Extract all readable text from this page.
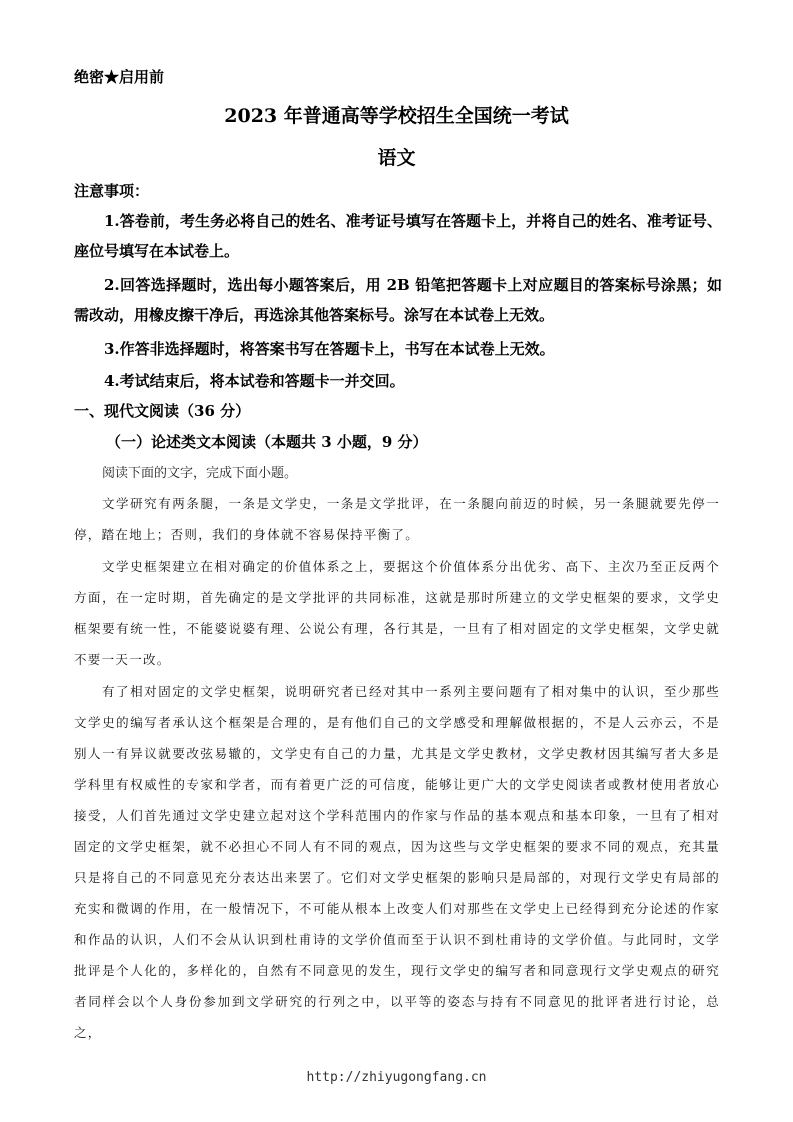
绝密★启用前
2023 年普通高等学校招生全国统一考试
语文
注意事项：
1.答卷前，考生务必将自己的姓名、准考证号填写在答题卡上，并将自己的姓名、准考证号、座位号填写在本试卷上。
2.回答选择题时，选出每小题答案后，用 2B 铅笔把答题卡上对应题目的答案标号涂黑；如需改动，用橡皮擦干净后，再选涂其他答案标号。涂写在本试卷上无效。
3.作答非选择题时，将答案书写在答题卡上，书写在本试卷上无效。
4.考试结束后，将本试卷和答题卡一并交回。
一、现代文阅读（36 分）
（一）论述类文本阅读（本题共 3 小题，9 分）
阅读下面的文字，完成下面小题。
文学研究有两条腿，一条是文学史，一条是文学批评，在一条腿向前迈的时候，另一条腿就要先停一停，踏在地上；否则，我们的身体就不容易保持平衡了。
文学史框架建立在相对确定的价值体系之上，要据这个价值体系分出优劣、高下、主次乃至正反两个方面，在一定时期，首先确定的是文学批评的共同标准，这就是那时所建立的文学史框架的要求，文学史框架要有统一性，不能婆说婆有理、公说公有理，各行其是，一旦有了相对固定的文学史框架，文学史就不要一天一改。
有了相对固定的文学史框架，说明研究者已经对其中一系列主要问题有了相对集中的认识，至少那些文学史的编写者承认这个框架是合理的，是有他们自己的文学感受和理解做根据的，不是人云亦云，不是别人一有异议就要改弦易辙的，文学史有自己的力量，尤其是文学史教材，文学史教材因其编写者大多是学科里有权威性的专家和学者，而有着更广泛的可信度，能够让更广大的文学史阅读者或教材使用者放心接受，人们首先通过文学史建立起对这个学科范围内的作家与作品的基本观点和基本印象，一旦有了相对固定的文学史框架，就不必担心不同人有不同的观点，因为这些与文学史框架的要求不同的观点，充其量只是将自己的不同意见充分表达出来罢了。它们对文学史框架的影响只是局部的，对现行文学史有局部的充实和微调的作用，在一般情况下，不可能从根本上改变人们对那些在文学史上已经得到充分论述的作家和作品的认识，人们不会从认识到杜甫诗的文学价值而至于认识不到杜甫诗的文学价值。与此同时，文学批评是个人化的，多样化的，自然有不同意见的发生，现行文学史的编写者和同意现行文学史观点的研究者同样会以个人身份参加到文学研究的行列之中，以平等的姿态与持有不同意见的批评者进行讨论，总之，
http://zhiyugongfang.cn
